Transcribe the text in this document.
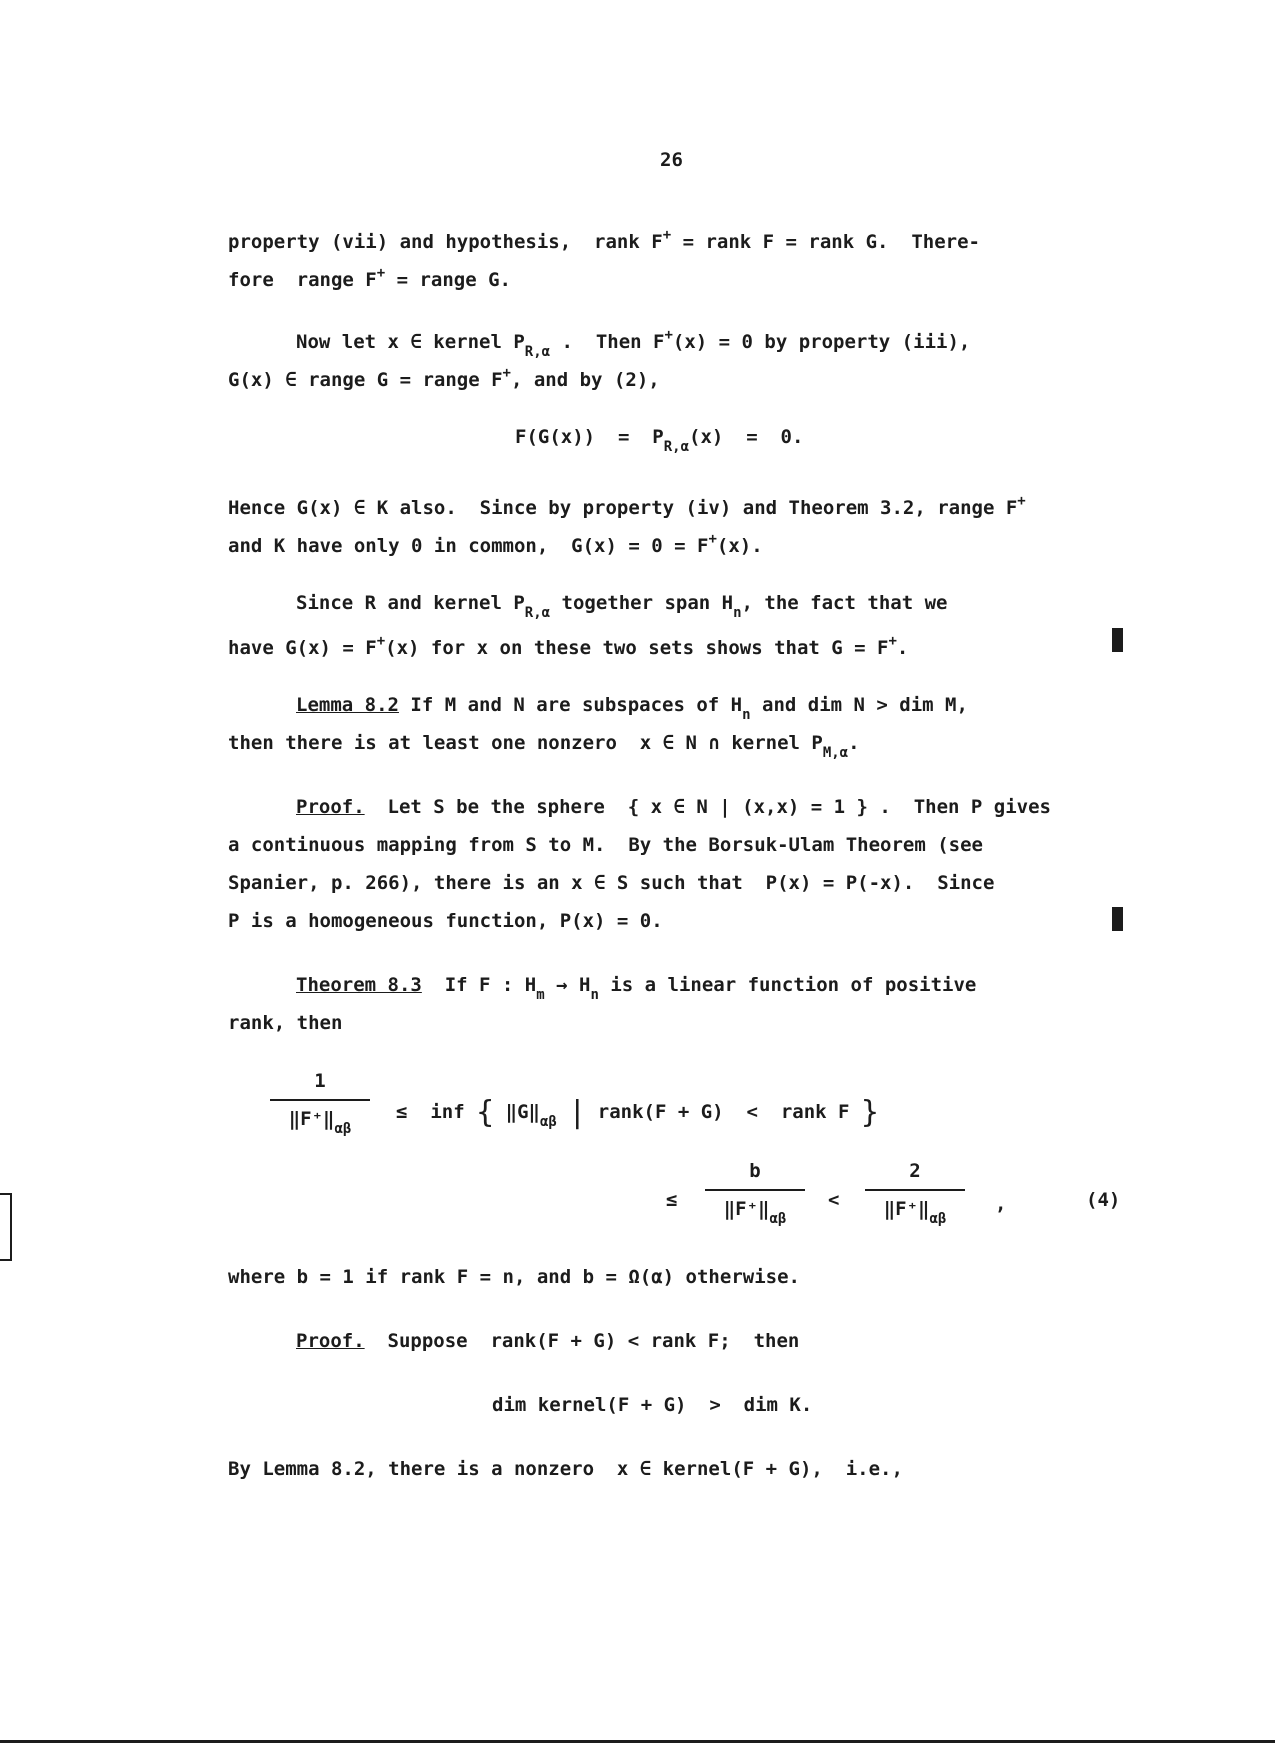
26
property (vii) and hypothesis,  rank F+ = rank F = rank G.  There-
fore  range F+ = range G.
Now let x ∈ kernel $P_{R,\alpha}$ .  Then F+(x) = 0 by property (iii),
G(x) ∈ range G = range F+, and by (2),
$F(G(x)) = P_{R,\alpha}(x) = 0$.
Hence G(x) ∈ K also.  Since by property (iv) and Theorem 3.2, range F+
and K have only 0 in common,  G(x) = 0 = F+(x).
Since R and kernel $P_{R,\alpha}$ together span $H_n$, the fact that we
have G(x) = F+(x) for x on these two sets shows that G = F+.
Lemma 8.2 If M and N are subspaces of $H_n$ and dim N > dim M,
then there is at least one nonzero  x ∈ N ∩ kernel $P_{M,\alpha}$.
Proof.  Let S be the sphere  { x ∈ N | (x,x) = 1 } .  Then P gives
a continuous mapping from S to M.  By the Borsuk-Ulam Theorem (see
Spanier, p. 266), there is an x ∈ S such that  P(x) = P(-x).  Since
P is a homogeneous function, P(x) = 0.
Theorem 8.3  If F : $H_m \to H_n$ is a linear function of positive
rank, then
1
$‖F^+‖_{\alpha\beta}$
≤ inf { $‖G‖_{\alpha\beta}$ | rank(F + G)  <  rank F }
≤
b
$‖F^+‖_{\alpha\beta}$
<
2
$‖F^+‖_{\alpha\beta}$
,	(4)
where b = 1 if rank F = n, and b = Ω(α) otherwise.
Proof.  Suppose  rank(F + G) < rank F;  then
dim kernel(F + G)  >  dim K.
By Lemma 8.2, there is a nonzero  x ∈ kernel(F + G),  i.e.,
